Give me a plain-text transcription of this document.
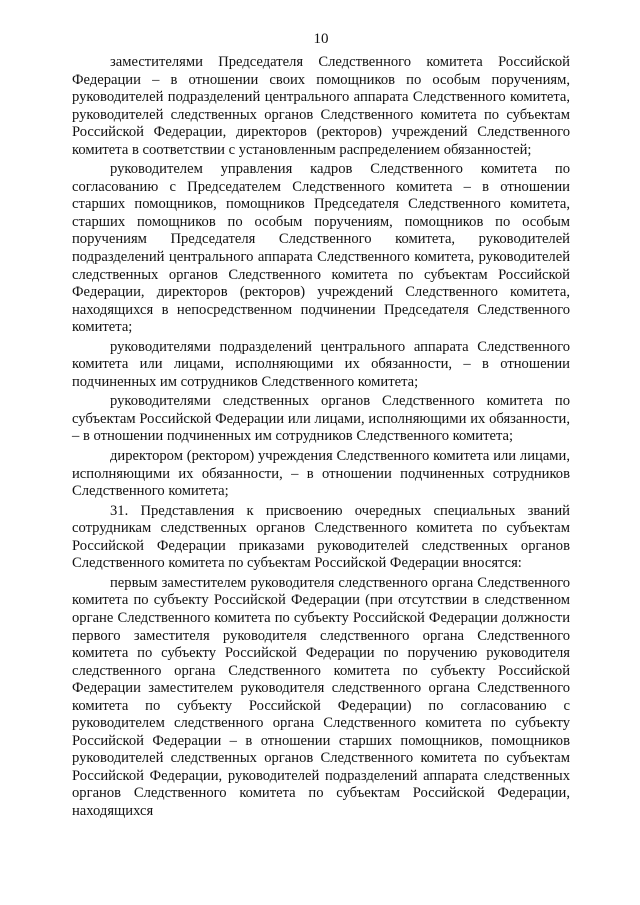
10

заместителями Председателя Следственного комитета Российской Федерации – в отношении своих помощников по особым поручениям, руководителей подразделений центрального аппарата Следственного комитета, руководителей следственных органов Следственного комитета по субъектам Российской Федерации, директоров (ректоров) учреждений Следственного комитета в соответствии с установленным распределением обязанностей;

руководителем управления кадров Следственного комитета по согласованию с Председателем Следственного комитета – в отношении старших помощников, помощников Председателя Следственного комитета, старших помощников по особым поручениям, помощников по особым поручениям Председателя Следственного комитета, руководителей подразделений центрального аппарата Следственного комитета, руководителей следственных органов Следственного комитета по субъектам Российской Федерации, директоров (ректоров) учреждений Следственного комитета, находящихся в непосредственном подчинении Председателя Следственного комитета;

руководителями подразделений центрального аппарата Следственного комитета или лицами, исполняющими их обязанности, – в отношении подчиненных им сотрудников Следственного комитета;

руководителями следственных органов Следственного комитета по субъектам Российской Федерации или лицами, исполняющими их обязанности, – в отношении подчиненных им сотрудников Следственного комитета;

директором (ректором) учреждения Следственного комитета или лицами, исполняющими их обязанности, – в отношении подчиненных сотрудников Следственного комитета;

31. Представления к присвоению очередных специальных званий сотрудникам следственных органов Следственного комитета по субъектам Российской Федерации приказами руководителей следственных органов Следственного комитета по субъектам Российской Федерации вносятся:

первым заместителем руководителя следственного органа Следственного комитета по субъекту Российской Федерации (при отсутствии в следственном органе Следственного комитета по субъекту Российской Федерации должности первого заместителя руководителя следственного органа Следственного комитета по субъекту Российской Федерации по поручению руководителя следственного органа Следственного комитета по субъекту Российской Федерации заместителем руководителя следственного органа Следственного комитета по субъекту Российской Федерации) по согласованию с руководителем следственного органа Следственного комитета по субъекту Российской Федерации – в отношении старших помощников, помощников руководителей следственных органов Следственного комитета по субъектам Российской Федерации, руководителей подразделений аппарата следственных органов Следственного комитета по субъектам Российской Федерации, находящихся
